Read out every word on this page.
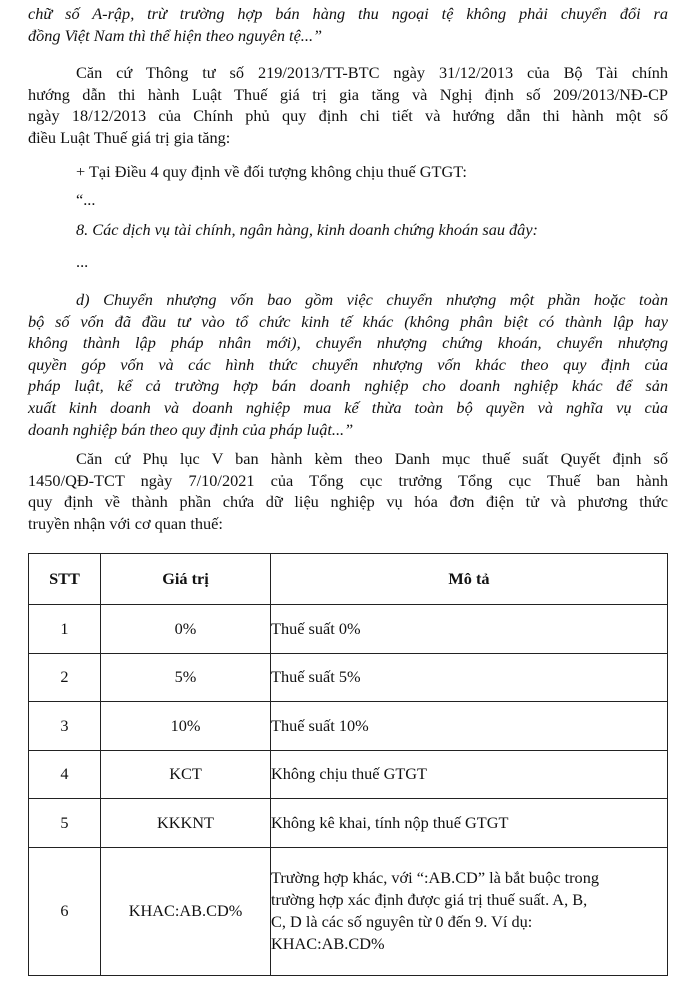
chữ số A-rập, trừ trường hợp bán hàng thu ngoại tệ không phải chuyển đổi ra
đồng Việt Nam thì thể hiện theo nguyên tệ...”
Căn cứ Thông tư số 219/2013/TT-BTC ngày 31/12/2013 của Bộ Tài chính
hướng dẫn thi hành Luật Thuế giá trị gia tăng và Nghị định số 209/2013/NĐ-CP
ngày 18/12/2013 của Chính phủ quy định chi tiết và hướng dẫn thi hành một số
điều Luật Thuế giá trị gia tăng:
+ Tại Điều 4 quy định về đối tượng không chịu thuế GTGT:
“...
8. Các dịch vụ tài chính, ngân hàng, kinh doanh chứng khoán sau đây:
...
d) Chuyển nhượng vốn bao gồm việc chuyển nhượng một phần hoặc toàn
bộ số vốn đã đầu tư vào tổ chức kinh tế khác (không phân biệt có thành lập hay
không thành lập pháp nhân mới), chuyển nhượng chứng khoán, chuyển nhượng
quyền góp vốn và các hình thức chuyển nhượng vốn khác theo quy định của
pháp luật, kể cả trường hợp bán doanh nghiệp cho doanh nghiệp khác để sản
xuất kinh doanh và doanh nghiệp mua kế thừa toàn bộ quyền và nghĩa vụ của
doanh nghiệp bán theo quy định của pháp luật...”
Căn cứ Phụ lục V ban hành kèm theo Danh mục thuế suất Quyết định số
1450/QĐ-TCT ngày 7/10/2021 của Tổng cục trưởng Tổng cục Thuế ban hành
quy định về thành phần chứa dữ liệu nghiệp vụ hóa đơn điện tử và phương thức
truyền nhận với cơ quan thuế:
STT	Giá trị	Mô tả
1	0%	Thuế suất 0%
2	5%	Thuế suất 5%
3	10%	Thuế suất 10%
4	KCT	Không chịu thuế GTGT
5	KKKNT	Không kê khai, tính nộp thuế GTGT
6	KHAC:AB.CD%	Trường hợp khác, với “:AB.CD” là bắt buộc trong
trường hợp xác định được giá trị thuế suất. A, B,
C, D là các số nguyên từ 0 đến 9. Ví dụ:
KHAC:AB.CD%
